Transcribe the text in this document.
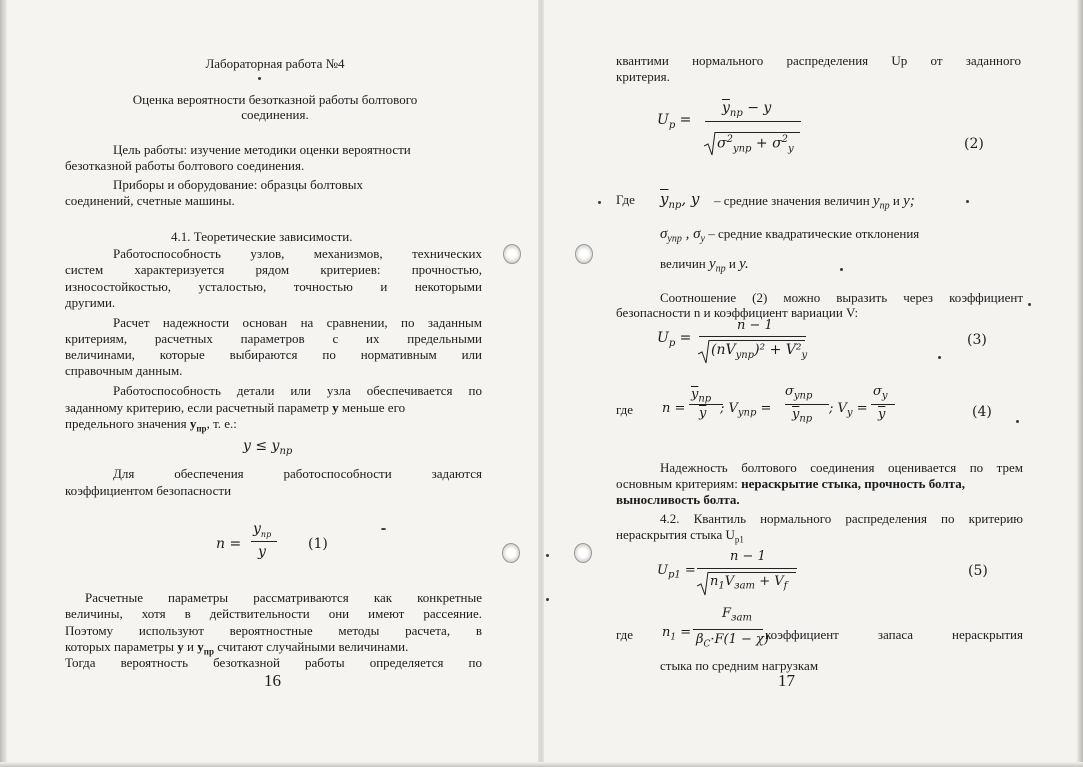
Лабораторная работа №4
Оценка вероятности безотказной работы болтового
соединения.
Цель работы: изучение методики оценки вероятности
безотказной работы болтового соединения.
Приборы и оборудование: образцы болтовых
соединений, счетные машины.
4.1. Теоретические зависимости.
Работоспособность узлов, механизмов, технических
систем характеризуется рядом критериев: прочностью,
износостойкостью, усталостью, точностью и некоторыми
другими.
Расчет надежности основан на сравнении, по заданным
критериям, расчетных параметров с их предельными
величинами, которые выбираются по нормативным или
справочным данным.
Работоспособность детали или узла обеспечивается по
заданному критерию, если расчетный параметр у меньше его
предельного значения $у_{пр}$, т. е.:
$y \le y_{пр}$
Для обеспечения работоспособности задаются
коэффициентом безопасности
n =
$y_{пр}$
y	(1)
Расчетные параметры рассматриваются как конкретные
величины, хотя в действительности они имеют рассеяние.
Поэтому используют вероятностные методы расчета, в
которых параметры у и $у_{пр}$ считают случайными величинами.
Тогда вероятность безотказной работы определяется по
16
квантими нормального распределения Up от заданного
критерия.
$U_p$ =
$\overline{y}_{пр} - y$
$\sigma^2_{yпр} + \sigma^2_y$	(2)
Где $\overline{y}_{пр}$, y – средние значения величин $y_{пр}$ и y;
$\sigma_{yпр}$ , $\sigma_y$ – средние квадратические отклонения
величин $y_{пр}$ и y.
Соотношение (2) можно выразить через коэффициент
безопасности n и коэффициент вариации V:
$U_p$ =
n − 1
$(nV_{yпр})^2 + V^2_y$
(3)
где n =
$\overline{y}_{пр}$
$\overline{y}$ ; $V_{yпр}$ =
$\sigma_{yпр}$
$\overline{y}_{пр}$
; $V_y$ =
$\sigma_y$
$\overline{y}$	(4)
Надежность болтового соединения оценивается по трем
основным критериям: нераскрытие стыка, прочность болта,
выносливость болта.
4.2. Квантиль нормального распределения по критерию
нераскрытия стыка $U_{p1}$
$U_{p1}$ =
n − 1
$n_1V_{зат} + V_f$
(5)
где $n_1$ =
$F_{зат}$
$\beta_C\cdot F(1 - \chi)$
коэффициент запаса нераскрытия
стыка по средним нагрузкам
17
